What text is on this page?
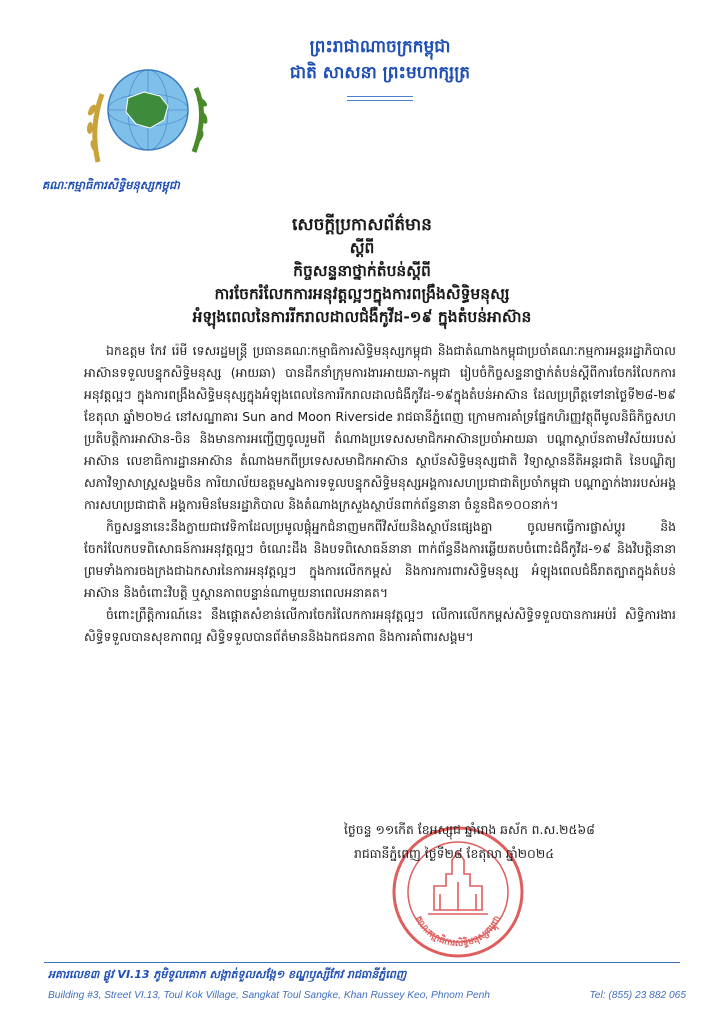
គណៈកម្មាធិការសិទ្ធិមនុស្សកម្ពុជា
ព្រះរាជាណាចក្រកម្ពុជា
ជាតិ សាសនា ព្រះមហាក្សត្រ
សេចក្តីប្រកាសព័ត៌មាន
ស្តីពី
កិច្ចសន្ទនាថ្នាក់តំបន់ស្តីពី
ការចែករំលែកការអនុវត្តល្អៗក្នុងការពង្រឹងសិទ្ធិមនុស្ស
អំឡុងពេលនៃការរីករាលដាលជំងឺកូវីដ-១៩ ក្នុងតំបន់អាស៊ាន

ឯកឧត្តម កែវ រ៉េមី ទេសរដ្ឋមន្ត្រី ប្រធានគណៈកម្មាធិការសិទ្ធិមនុស្សកម្ពុជា និងជាតំណាងកម្ពុជាប្រចាំគណៈកម្មការអន្តររដ្ឋាភិបាលអាស៊ានទទួលបន្ទុកសិទ្ធិមនុស្ស (អាយឆា) បានដឹកនាំក្រុមការងារអាយឆា-កម្ពុជា រៀបចំកិច្ចសន្ទនាថ្នាក់តំបន់ស្តីពីការចែករំលែកការអនុវត្តល្អៗ ក្នុងការពង្រឹងសិទ្ធិមនុស្សក្នុងអំឡុងពេលនៃការរីករាលដាលជំងឺកូវីដ-១៩ក្នុងតំបន់អាស៊ាន ដែលប្រព្រឹត្តទៅនាថ្ងៃទី២៨-២៩ ខែតុលា ឆ្នាំ២០២៤ នៅសណ្ឋាគារ Sun and Moon Riverside រាជធានីភ្នំពេញ ក្រោមការគាំទ្រផ្នែកហិរញ្ញវត្ថុពីមូលនិធិកិច្ចសហប្រតិបត្តិការអាស៊ាន-ចិន និងមានការអញ្ជើញចូលរួមពី តំណាងប្រទេសសមាជិកអាស៊ានប្រចាំអាយឆា បណ្តាស្ថាប័នតាមវិស័យរបស់អាស៊ាន លេខាធិការដ្ឋានអាស៊ាន តំណាងមកពីប្រទេសសមាជិកអាស៊ាន ស្ថាប័នសិទ្ធិមនុស្សជាតិ វិទ្យាស្ថាននីតិអន្តរជាតិ នៃបណ្ឌិត្យសភាវិទ្យាសាស្ត្រសង្គមចិន ការិយាល័យឧត្តមស្នងការទទួលបន្ទុកសិទ្ធិមនុស្សអង្គការសហប្រជាជាតិប្រចាំកម្ពុជា បណ្តាភ្នាក់ងាររបស់អង្គការសហប្រជាជាតិ អង្គការមិនមែនរដ្ឋាភិបាល និងតំណាងក្រសួងស្ថាប័នពាក់ព័ន្ធនានា ចំនួនជិត១០០នាក់។

កិច្ចសន្ទនានេះនឹងក្លាយជាវេទិកាដែលប្រមូលផ្តុំអ្នកជំនាញមកពីវិស័យនិងស្ថាប័នផ្សេងគ្នា ចូលមកធ្វើការផ្លាស់ប្តូរ និងចែករំលែកបទពិសោធន៍ការអនុវត្តល្អៗ ចំណេះដឹង និងបទពិសោធន៍នានា ពាក់ព័ន្ធនឹងការឆ្លើយតបចំពោះជំងឺកូវីដ-១៩ និងវិបត្តិនានា ព្រមទាំងការចងក្រងជាឯកសារនៃការអនុវត្តល្អៗ ក្នុងការលើកកម្ពស់ និងការការពារសិទ្ធិមនុស្ស អំឡុងពេលជំងឺរាតត្បាតក្នុងតំបន់អាស៊ាន និងចំពោះវិបត្តិ ឬស្ថានភាពបន្ទាន់ណាមួយនាពេលអនាគត។

ចំពោះព្រឹត្តិការណ៍នេះ នឹងផ្តោតសំខាន់លើការចែករំលែកការអនុវត្តល្អៗ លើការលើកកម្ពស់សិទ្ធិទទួលបានការអប់រំ សិទ្ធិការងារ សិទ្ធិទទួលបានសុខភាពល្អ សិទ្ធិទទួលបានព័ត៌មាននិងឯកជនភាព និងការគាំពារសង្គម។

គណៈកម្មាធិការសិទ្ធិមនុស្សកម្ពុជា
ថ្ងៃចន្ទ ១១កើត ខែអស្សុជ ឆ្នាំរោង ឆស័ក ព.ស.២៥៦៨
រាជធានីភ្នំពេញ ថ្ងៃទី២៨ ខែតុលា ឆ្នាំ២០២៤
អគារលេខ៣ ផ្លូវ VI.13 ភូមិទួលគោក សង្កាត់ទួលសង្កែ១ ខណ្ឌឫស្សីកែវ រាជធានីភ្នំពេញ
Building #3, Street VI.13, Toul Kok Village, Sangkat Toul Sangke, Khan Russey Keo, Phnom Penh	Tel: (855) 23 882 065
